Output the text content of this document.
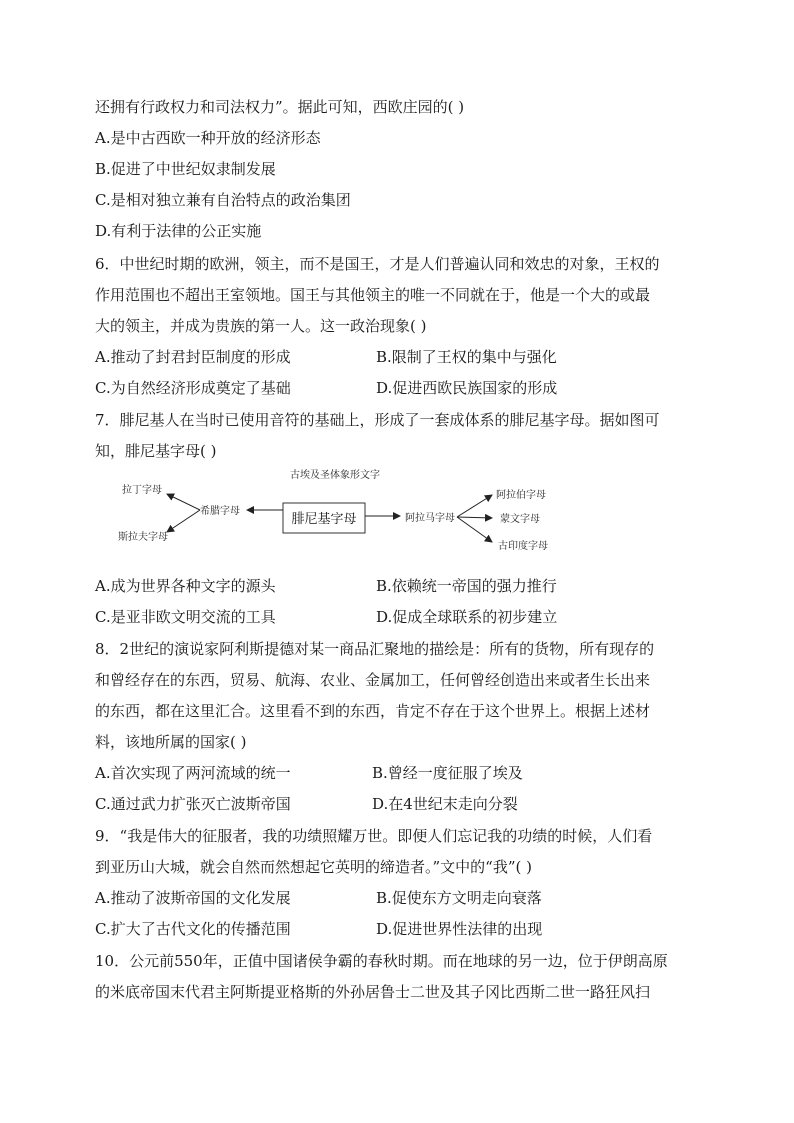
还拥有行政权力和司法权力”。据此可知，西欧庄园的( )
A.是中古西欧一种开放的经济形态
B.促进了中世纪奴隶制发展
C.是相对独立兼有自治特点的政治集团
D.有利于法律的公正实施
6．中世纪时期的欧洲，领主，而不是国王，才是人们普遍认同和效忠的对象，王权的
作用范围也不超出王室领地。国王与其他领主的唯一不同就在于，他是一个大的或最
大的领主，并成为贵族的第一人。这一政治现象( )
A.推动了封君封臣制度的形成	B.限制了王权的集中与强化
C.为自然经济形成奠定了基础	D.促进西欧民族国家的形成
7．腓尼基人在当时已使用音符的基础上，形成了一套成体系的腓尼基字母。据如图可
知，腓尼基字母( )
古埃及圣体象形文字
腓尼基字母
希腊字母
拉丁字母
斯拉夫字母
阿拉马字母
阿拉伯字母
蒙文字母
古印度字母
A.成为世界各种文字的源头	B.依赖统一帝国的强力推行
C.是亚非欧文明交流的工具	D.促成全球联系的初步建立
8．2世纪的演说家阿利斯提德对某一商品汇聚地的描绘是：所有的货物，所有现存的
和曾经存在的东西，贸易、航海、农业、金属加工，任何曾经创造出来或者生长出来
的东西，都在这里汇合。这里看不到的东西，肯定不存在于这个世界上。根据上述材
料，该地所属的国家( )
A.首次实现了两河流域的统一	B.曾经一度征服了埃及
C.通过武力扩张灭亡波斯帝国	D.在4世纪末走向分裂
9．“我是伟大的征服者，我的功绩照耀万世。即便人们忘记我的功绩的时候，人们看
到亚历山大城，就会自然而然想起它英明的缔造者。”文中的“我”( )
A.推动了波斯帝国的文化发展	B.促使东方文明走向衰落
C.扩大了古代文化的传播范围	D.促进世界性法律的出现
10．公元前550年，正值中国诸侯争霸的春秋时期。而在地球的另一边，位于伊朗高原
的米底帝国末代君主阿斯提亚格斯的外孙居鲁士二世及其子冈比西斯二世一路狂风扫
